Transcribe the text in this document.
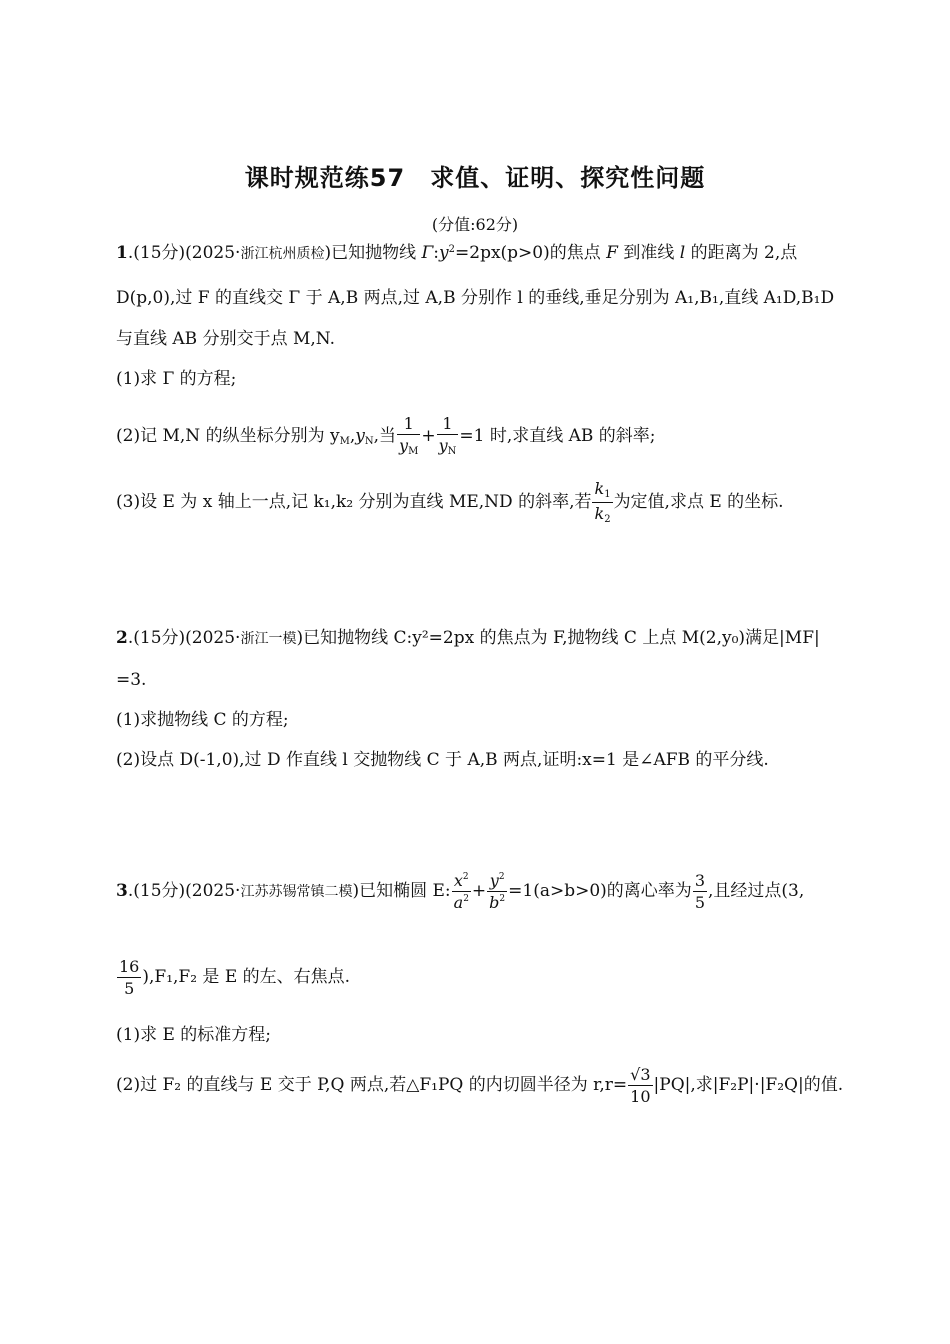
课时规范练57　求值、证明、探究性问题
(分值:62分)
1.(15分)(2025·浙江杭州质检)已知抛物线 $\Gamma:y^2=2px(p>0)$的焦点 F 到准线 l 的距离为 2,点
D(p,0),过 F 的直线交 Γ 于 A,B 两点,过 A,B 分别作 l 的垂线,垂足分别为 A₁,B₁,直线 A₁D,B₁D
与直线 AB 分别交于点 M,N.
(1)求 Γ 的方程;
(2)记 M,N 的纵坐标分别为 $y_M,y_N$,当 $\frac{1}{yM} + \frac{1}{yN} =1$ 时,求直线 AB 的斜率;
(3)设 E 为 x 轴上一点,记 k₁,k₂ 分别为直线 ME,ND 的斜率,若 $\frac{k1}{k2}$ 为定值,求点 E 的坐标.
2.(15分)(2025·浙江一模)已知抛物线 C:y²=2px 的焦点为 F,抛物线 C 上点 M(2,y₀)满足|MF|
=3.
(1)求抛物线 C 的方程;
(2)设点 D(-1,0),过 D 作直线 l 交抛物线 C 于 A,B 两点,证明:x=1 是∠AFB 的平分线.
3.(15分)(2025·江苏苏锡常镇二模)已知椭圆 E: $\frac{x^2}{a^2} + \frac{y^2}{b^2} =1(a>b>0)$的离心率为 $\frac{3}{5}$ ,且经过点(3,
$\frac{16}{5} ),F_1,F_2$ 是 E 的左、右焦点.
(1)求 E 的标准方程;
(2)过 F₂ 的直线与 E 交于 P,Q 两点,若△F₁PQ 的内切圆半径为 $r,r= \frac{√3}{10} |PQ|$,求|F₂P|·|F₂Q|的值.
